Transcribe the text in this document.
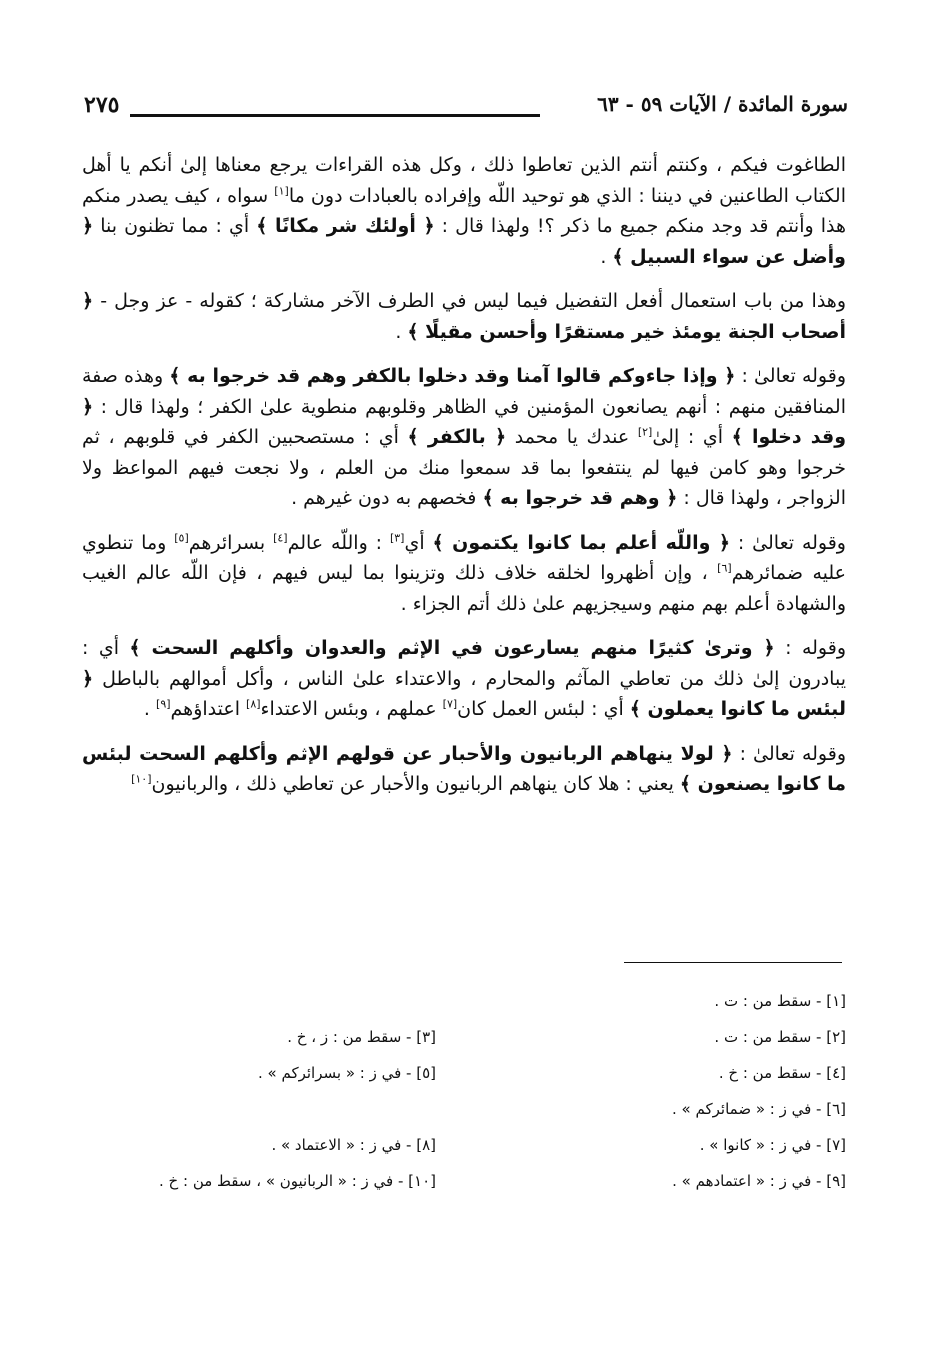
٢٧٥	سورة المائدة / الآيات ٥٩ - ٦٣

الطاغوت فيكم ، وكنتم أنتم الذين تعاطوا ذلك ، وكل هذه القراءات يرجع معناها إلىٰ أنكم يا أهل الكتاب الطاعنين في ديننا : الذي هو توحيد اللّه وإفراده بالعبادات دون ما[١] سواه ، كيف يصدر منكم هذا وأنتم قد وجد منكم جميع ما ذكر ؟! ولهذا قال : ﴿ أولئك شر مكانًا ﴾ أي : مما تظنون بنا ﴿ وأضل عن سواء السبيل ﴾ .

وهذا من باب استعمال أفعل التفضيل فيما ليس في الطرف الآخر مشاركة ؛ كقوله - عز وجل - ﴿ أصحاب الجنة يومئذ خير مستقرًا وأحسن مقيلًا ﴾ .

وقوله تعالىٰ : ﴿ وإذا جاءوكم قالوا آمنا وقد دخلوا بالكفر وهم قد خرجوا به ﴾ وهذه صفة المنافقين منهم : أنهم يصانعون المؤمنين في الظاهر وقلوبهم منطوية علىٰ الكفر ؛ ولهذا قال : ﴿ وقد دخلوا ﴾ أي : إلىٰ[٢] عندك يا محمد ﴿ بالكفر ﴾ أي : مستصحبين الكفر في قلوبهم ، ثم خرجوا وهو كامن فيها لم ينتفعوا بما قد سمعوا منك من العلم ، ولا نجعت فيهم المواعظ ولا الزواجر ، ولهذا قال : ﴿ وهم قد خرجوا به ﴾ فخصهم به دون غيرهم .

وقوله تعالىٰ : ﴿ واللّه أعلم بما كانوا يكتمون ﴾ أي[٣] : واللّه عالم[٤] بسرائرهم[٥] وما تنطوي عليه ضمائرهم[٦] ، وإن أظهروا لخلقه خلاف ذلك وتزينوا بما ليس فيهم ، فإن اللّه عالم الغيب والشهادة أعلم بهم منهم وسيجزيهم علىٰ ذلك أتم الجزاء .

وقوله : ﴿ وترىٰ كثيرًا منهم يسارعون في الإثم والعدوان وأكلهم السحت ﴾ أي : يبادرون إلىٰ ذلك من تعاطي المآثم والمحارم ، والاعتداء علىٰ الناس ، وأكل أموالهم بالباطل ﴿ لبئس ما كانوا يعملون ﴾ أي : لبئس العمل كان[٧] عملهم ، وبئس الاعتداء[٨] اعتداؤهم[٩] .

وقوله تعالىٰ : ﴿ لولا ينهاهم الربانيون والأحبار عن قولهم الإثم وأكلهم السحت لبئس ما كانوا يصنعون ﴾ يعني : هلا كان ينهاهم الربانيون والأحبار عن تعاطي ذلك ، والربانيون[١٠]

[١] - سقط من : ت .
[٢] - سقط من : ت .
[٣] - سقط من : ز ، خ .
[٤] - سقط من : خ .
[٥] - في ز : « بسرائركم » .
[٦] - في ز : « ضمائركم » .
[٧] - في ز : « كانوا » .
[٨] - في ز : « الاعتماد » .
[٩] - في ز : « اعتمادهم » .
[١٠] - في ز : « الربانيون » ، سقط من : خ .
